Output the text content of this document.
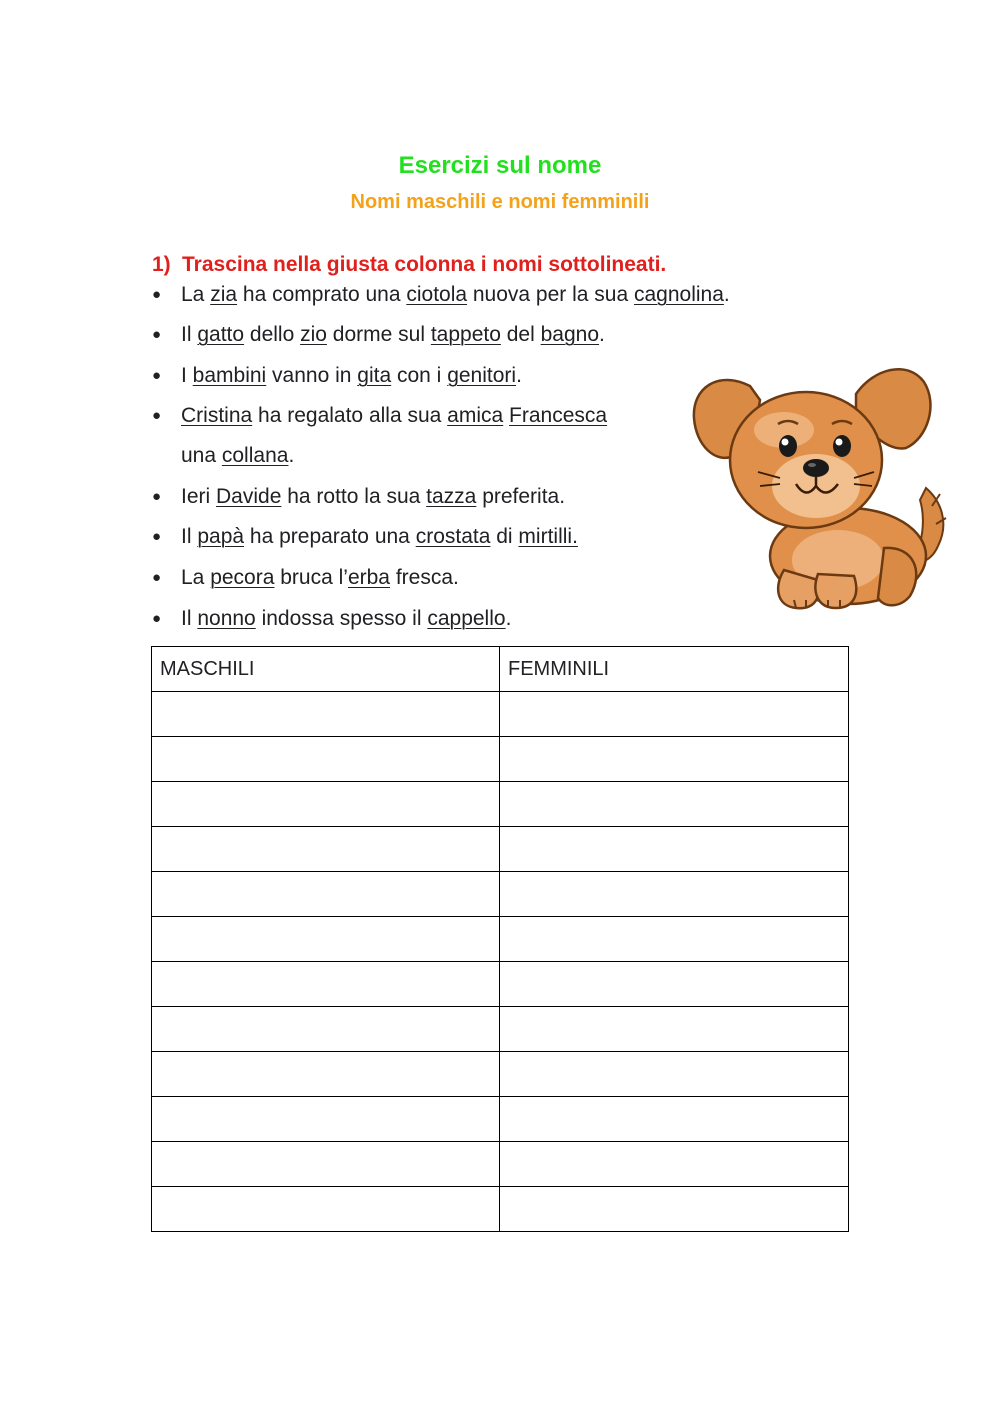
Esercizi sul nome
Nomi maschili e nomi femminili
1) Trascina nella giusta colonna i nomi sottolineati.
● La zia ha comprato una ciotola nuova per la sua cagnolina.
● Il gatto dello zio dorme sul tappeto del bagno.
● I bambini vanno in gita con i genitori.
● Cristina ha regalato alla sua amica Francesca
● Ieri Davide ha rotto la sua tazza preferita.
● Il papà ha preparato una crostata di mirtilli.
● La pecora bruca l’erba fresca.
● Il nonno indossa spesso il cappello.
una collana.
MASCHILI	FEMMINILI
